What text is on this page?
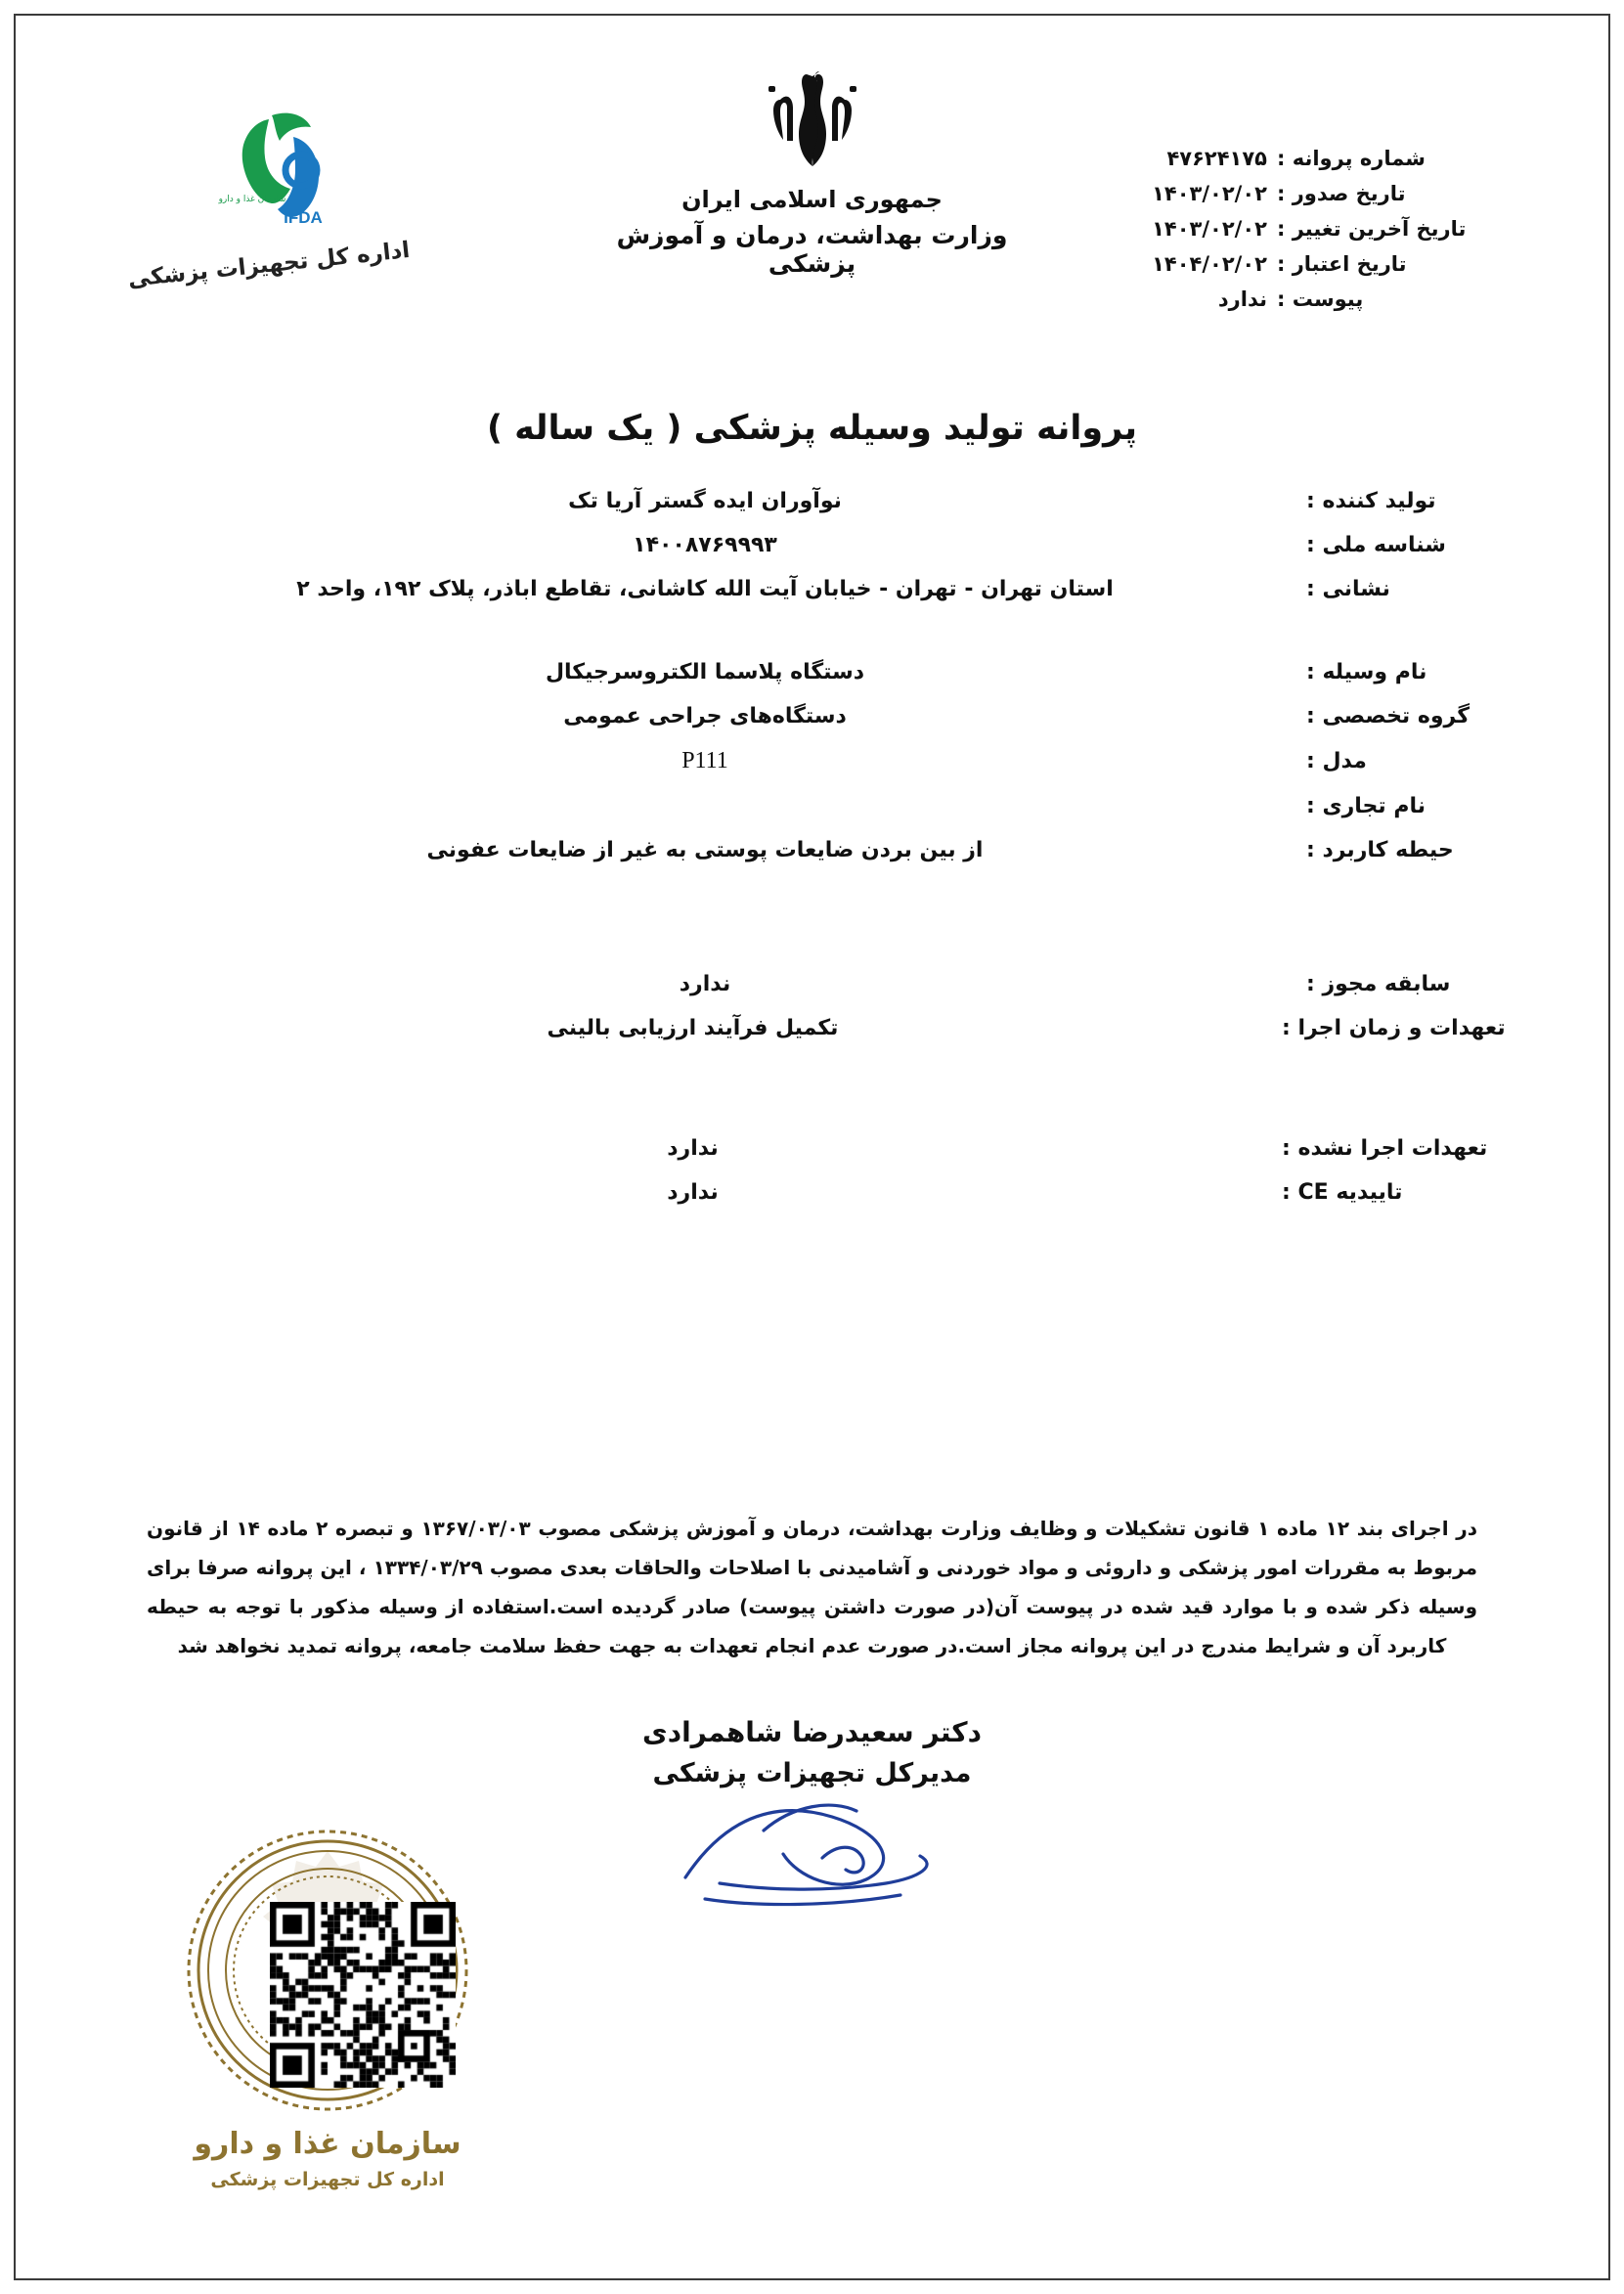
شماره پروانه :
۴۷۶۲۴۱۷۵
تاریخ صدور :
۱۴۰۳/۰۲/۰۲
تاریخ آخرین تغییر :
۱۴۰۳/۰۲/۰۲
تاریخ اعتبار :
۱۴۰۴/۰۲/۰۲
پیوست :
ندارد
جمهوری اسلامی ایران
وزارت بهداشت، درمان و آموزش پزشکی
IFDA
سازمان غذا و دارو
اداره کل تجهیزات پزشکی
پروانه تولید وسیله پزشکی ( یک ساله )
تولید کننده :
نوآوران ایده گستر آریا تک
شناسه ملی :
۱۴۰۰۸۷۶۹۹۹۳
نشانی :
استان تهران - تهران - خیابان آیت الله کاشانی، تقاطع اباذر، پلاک ۱۹۲، واحد ۲
نام وسیله :
دستگاه پلاسما الکتروسرجیکال
گروه تخصصی :
دستگاه‌های جراحی عمومی
مدل :
P111
نام تجاری :
حیطه کاربرد :
از بین بردن ضایعات پوستی به غیر از ضایعات عفونی
سابقه مجوز :
ندارد
تعهدات و زمان اجرا :
تکمیل فرآیند ارزیابی بالینی
تعهدات اجرا نشده :
ندارد
تاییدیه CE :
ندارد
در اجرای بند ۱۲ ماده ۱ قانون تشکیلات و وظایف وزارت بهداشت، درمان و آموزش پزشکی مصوب ۱۳۶۷/۰۳/۰۳ و تبصره ۲ ماده ۱۴ از قانون مربوط به مقررات امور پزشکی و داروئی و مواد خوردنی و آشامیدنی با اصلاحات والحاقات بعدی مصوب ۱۳۳۴/۰۳/۲۹ ، این پروانه صرفا برای وسیله ذکر شده و با موارد قید شده در پیوست آن(در صورت داشتن پیوست) صادر گردیده است.استفاده از وسیله مذکور با توجه به حیطه کاربرد آن و شرایط مندرج در این پروانه مجاز است.در صورت عدم انجام تعهدات به جهت حفظ سلامت جامعه، پروانه تمدید نخواهد شد
دکتر سعیدرضا شاهمرادی
مدیرکل تجهیزات پزشکی
سازمان غذا و دارو
اداره کل تجهیزات پزشکی
